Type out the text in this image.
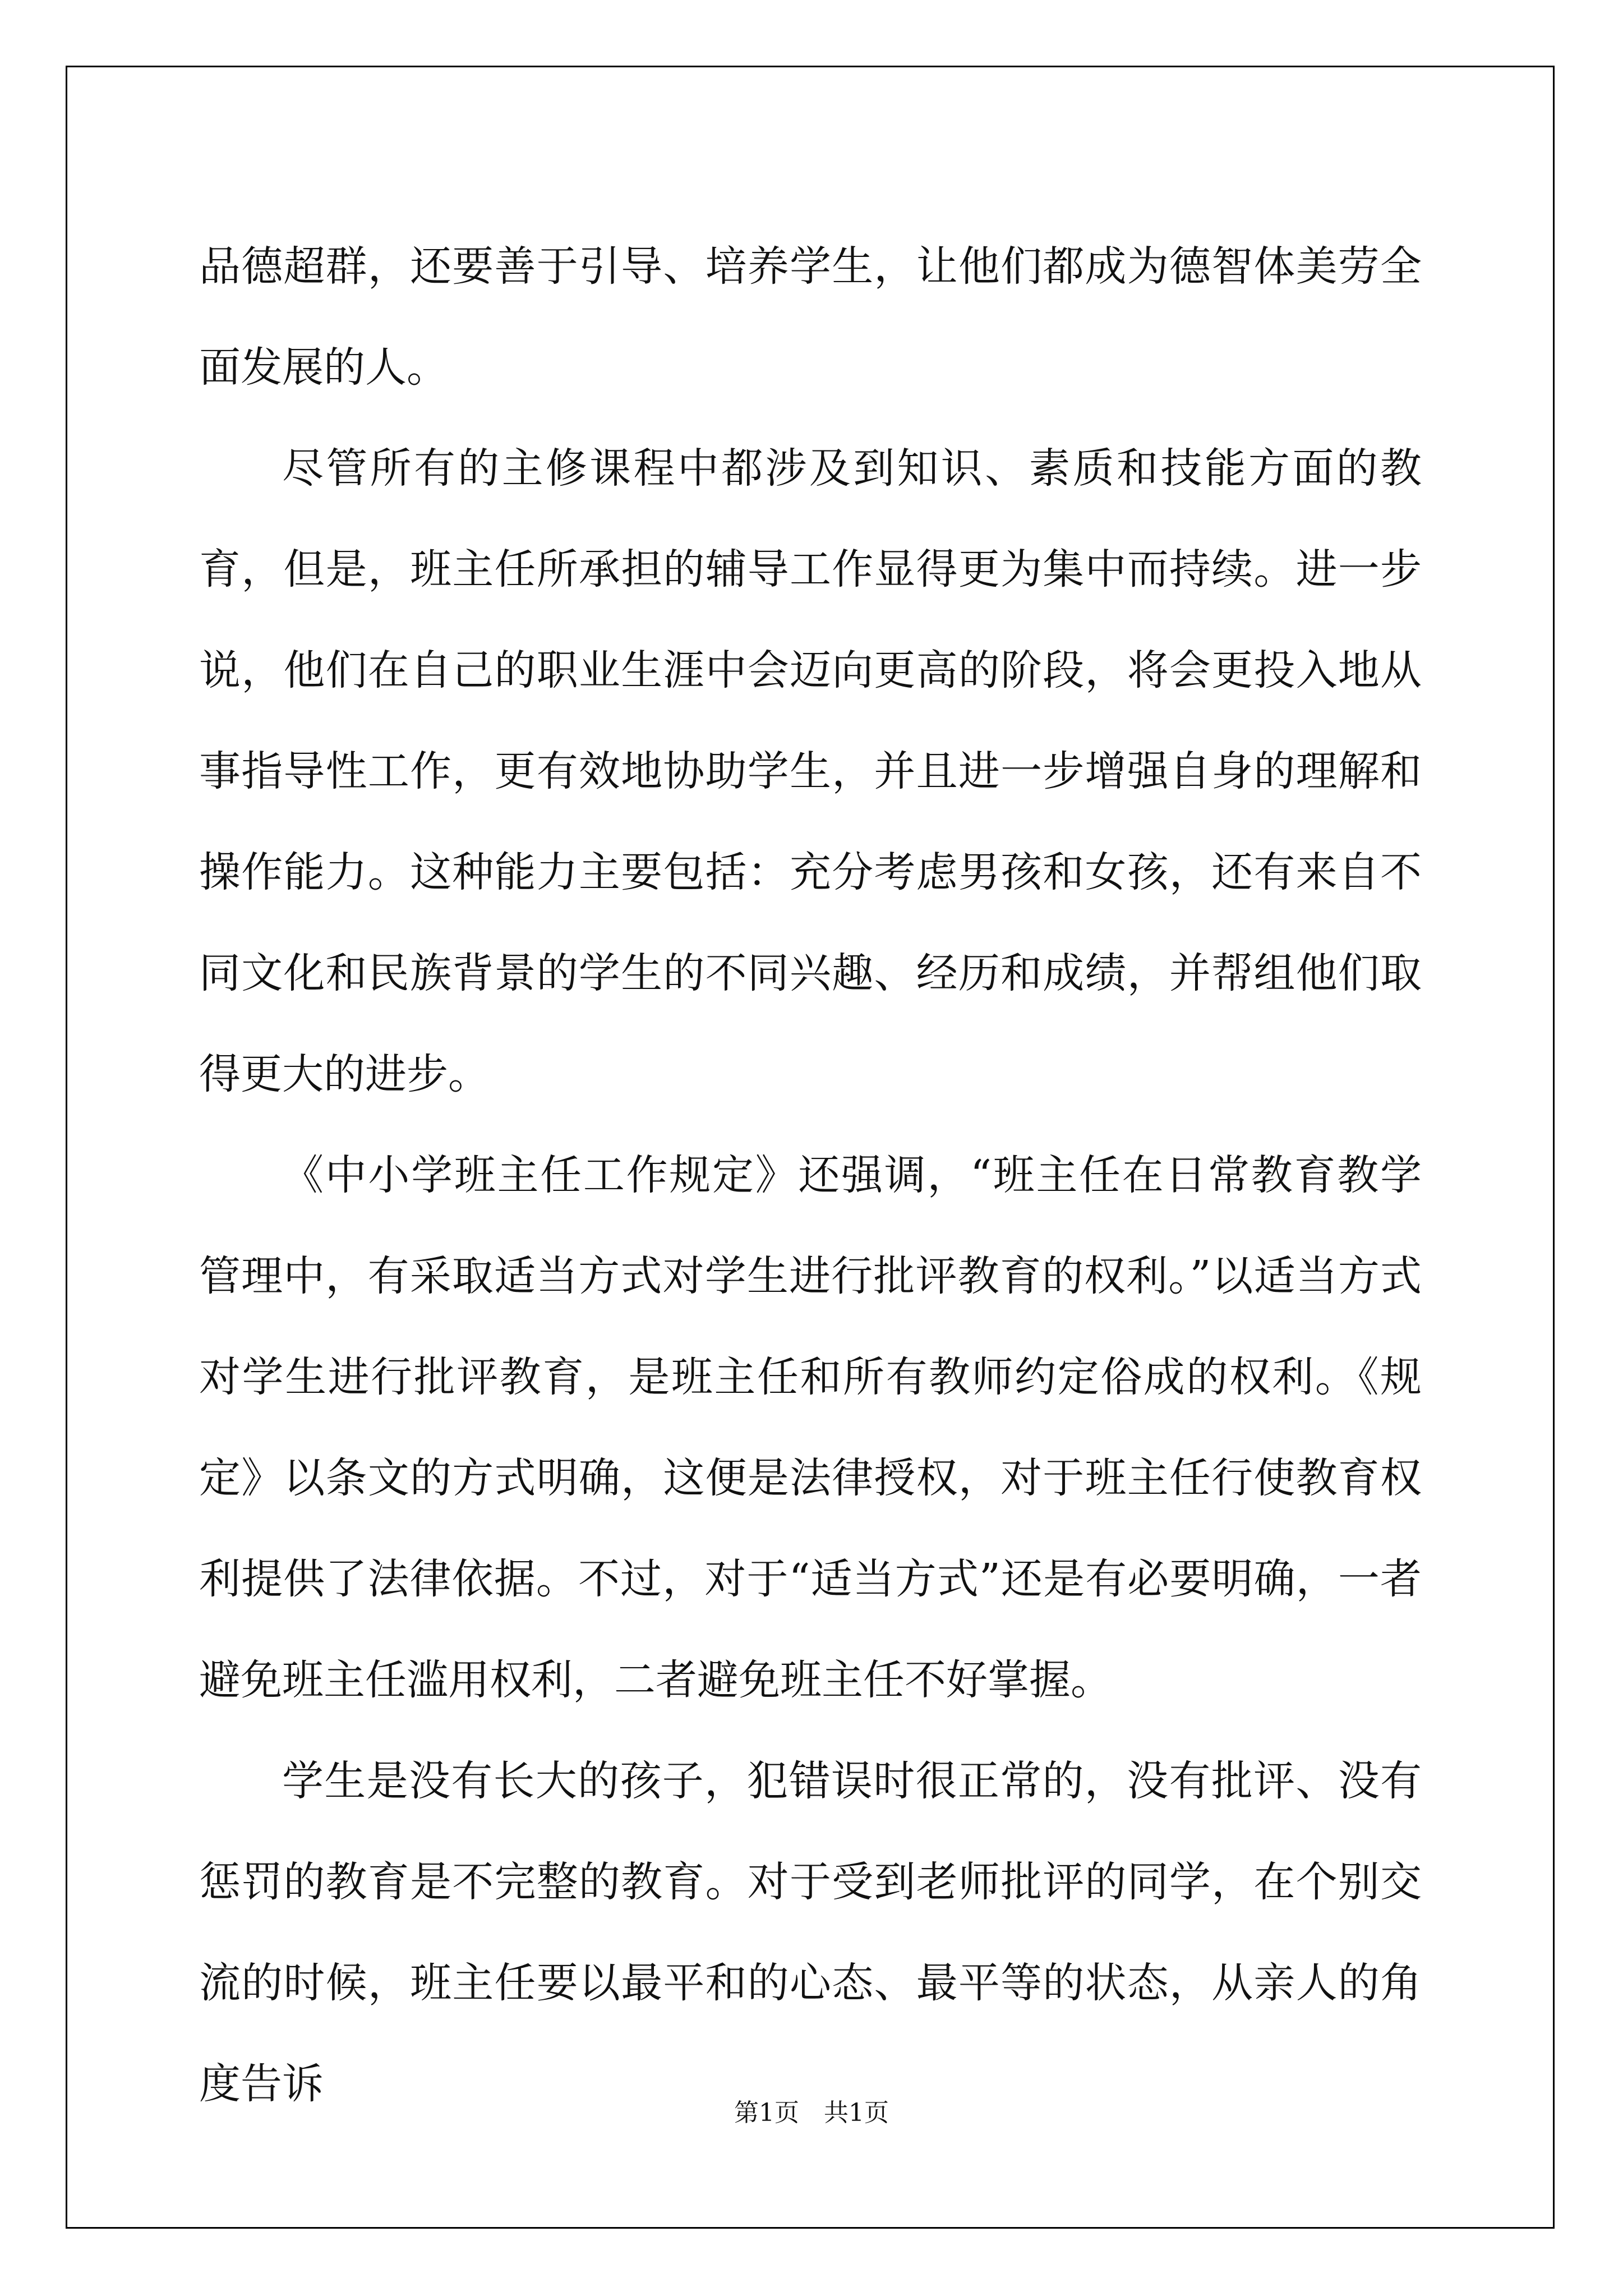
品德超群，还要善于引导、培养学生，让他们都成为德智体美劳全面发展的人。

尽管所有的主修课程中都涉及到知识、素质和技能方面的教育，但是，班主任所承担的辅导工作显得更为集中而持续。进一步说，他们在自己的职业生涯中会迈向更高的阶段，将会更投入地从事指导性工作，更有效地协助学生，并且进一步增强自身的理解和操作能力。这种能力主要包括：充分考虑男孩和女孩，还有来自不同文化和民族背景的学生的不同兴趣、经历和成绩，并帮组他们取得更大的进步。

《中小学班主任工作规定》还强调，“班主任在日常教育教学管理中，有采取适当方式对学生进行批评教育的权利。”以适当方式对学生进行批评教育，是班主任和所有教师约定俗成的权利。《规定》以条文的方式明确，这便是法律授权，对于班主任行使教育权利提供了法律依据。不过，对于“适当方式”还是有必要明确，一者避免班主任滥用权利，二者避免班主任不好掌握。

学生是没有长大的孩子，犯错误时很正常的，没有批评、没有惩罚的教育是不完整的教育。对于受到老师批评的同学，在个别交流的时候，班主任要以最平和的心态、最平等的状态，从亲人的角度告诉

第1页　共1页
